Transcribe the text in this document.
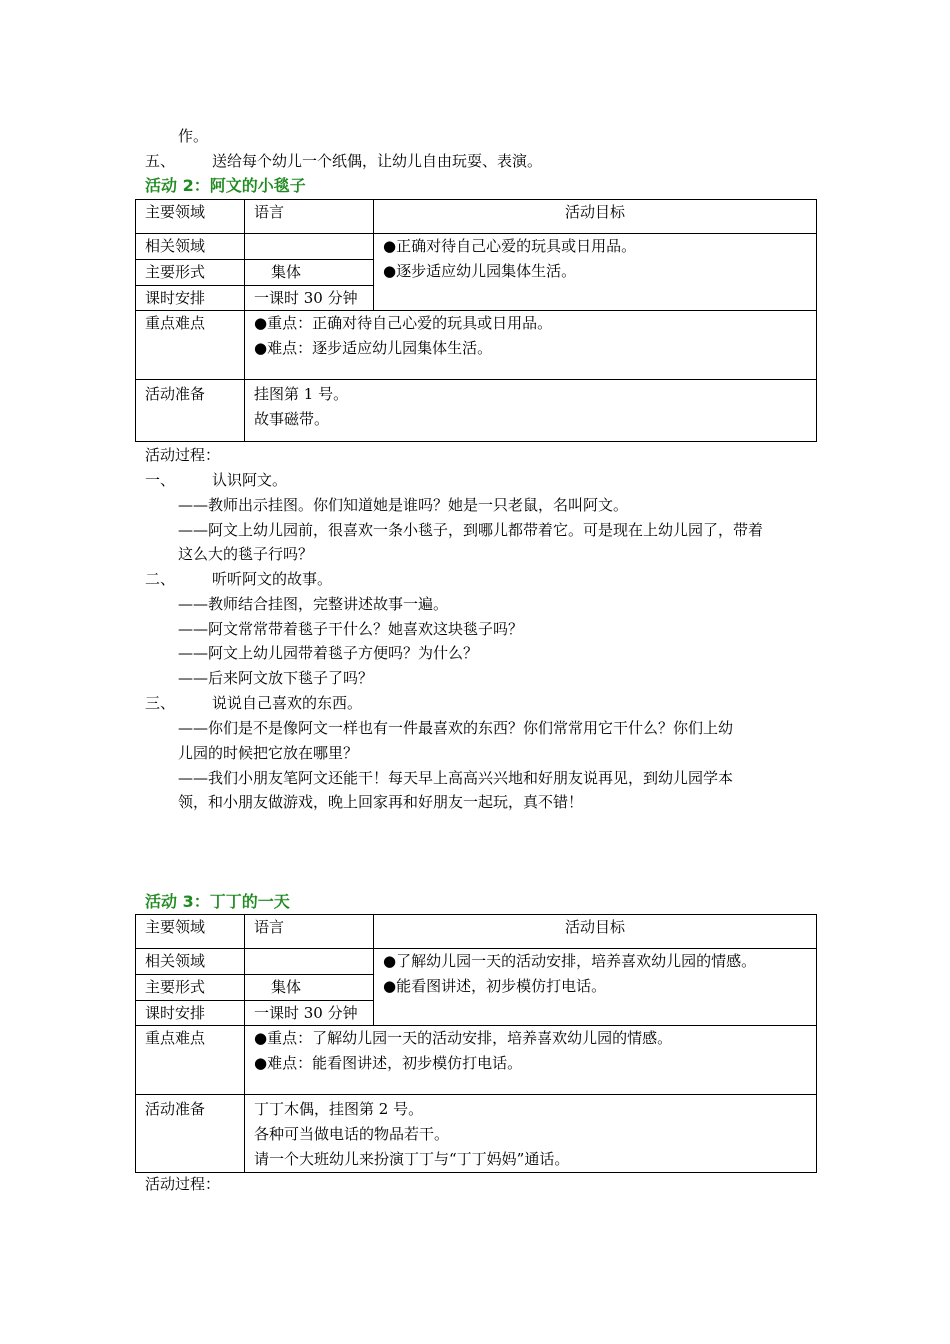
作。
五、 送给每个幼儿一个纸偶，让幼儿自由玩耍、表演。
活动 2：阿文的小毯子
主要领域	语言	活动目标
相关领域		●正确对待自己心爱的玩具或日用品。
●逐步适应幼儿园集体生活。

主要形式	集体	
课时安排	一课时 30 分钟	
重点难点	●重点：正确对待自己心爱的玩具或日用品。
●难点：逐步适应幼儿园集体生活。	

活动准备	挂图第 1 号。
故事磁带。	
活动过程：
一、 认识阿文。
——教师出示挂图。你们知道她是谁吗？她是一只老鼠，名叫阿文。
——阿文上幼儿园前，很喜欢一条小毯子，到哪儿都带着它。可是现在上幼儿园了，带着
这么大的毯子行吗？
二、 听听阿文的故事。
——教师结合挂图，完整讲述故事一遍。
——阿文常常带着毯子干什么？她喜欢这块毯子吗？
——阿文上幼儿园带着毯子方便吗？为什么？
——后来阿文放下毯子了吗？
三、 说说自己喜欢的东西。
——你们是不是像阿文一样也有一件最喜欢的东西？你们常常用它干什么？你们上幼
儿园的时候把它放在哪里？
——我们小朋友笔阿文还能干！每天早上高高兴兴地和好朋友说再见，到幼儿园学本
领，和小朋友做游戏，晚上回家再和好朋友一起玩，真不错！
活动 3：丁丁的一天
主要领域	语言	活动目标
相关领域		●了解幼儿园一天的活动安排，培养喜欢幼儿园的情感。
●能看图讲述，初步模仿打电话。

主要形式	集体	
课时安排	一课时 30 分钟	
重点难点	●重点：了解幼儿园一天的活动安排，培养喜欢幼儿园的情感。
●难点：能看图讲述，初步模仿打电话。	

活动准备	丁丁木偶，挂图第 2 号。
各种可当做电话的物品若干。
请一个大班幼儿来扮演丁丁与“丁丁妈妈”通话。	
活动过程：
